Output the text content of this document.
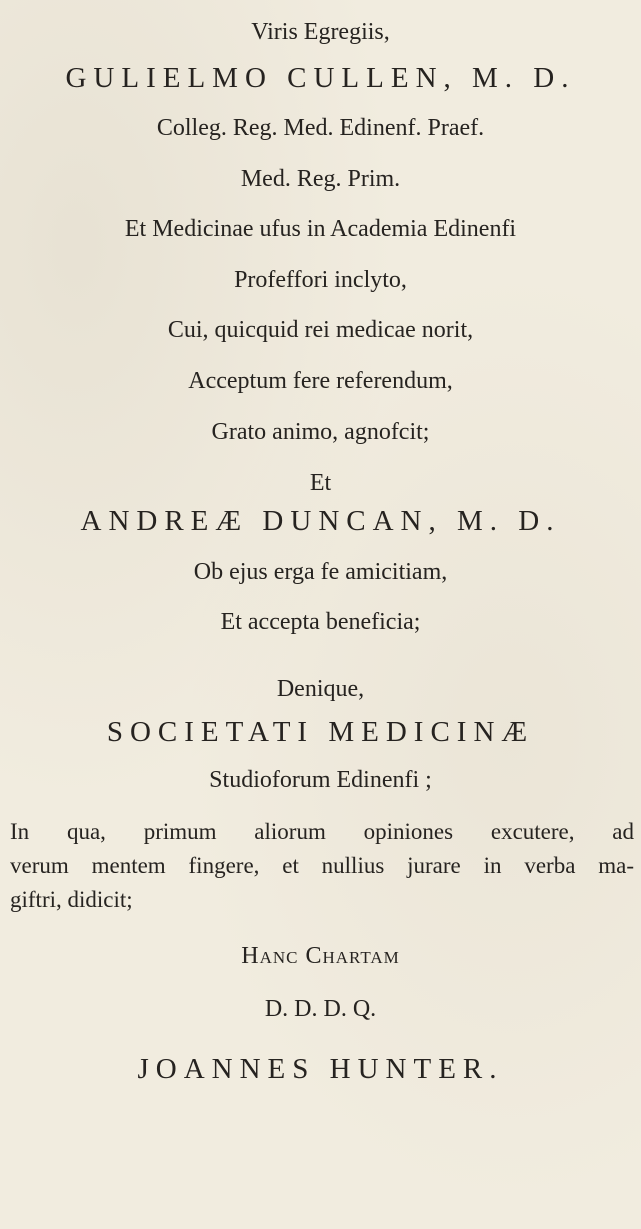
Viris Egregiis,
GULIELMO CULLEN, M. D.
Colleg. Reg. Med. Edinenf. Praef.
Med. Reg. Prim.
Et Medicinae ufus in Academia Edinenfi
Profeffori inclyto,
Cui, quicquid rei medicae norit,
Acceptum fere referendum,
Grato animo, agnofcit;
Et
ANDREÆ DUNCAN, M. D.
Ob ejus erga fe amicitiam,
Et accepta beneficia;
Denique,
SOCIETATI MEDICINÆ
Studioforum Edinenfi ;
In qua, primum aliorum opiniones excutere, ad
verum mentem fingere, et nullius jurare in verba ma-
giftri, didicit;
Hanc Chartam
D. D. D. Q.
JOANNES HUNTER.
